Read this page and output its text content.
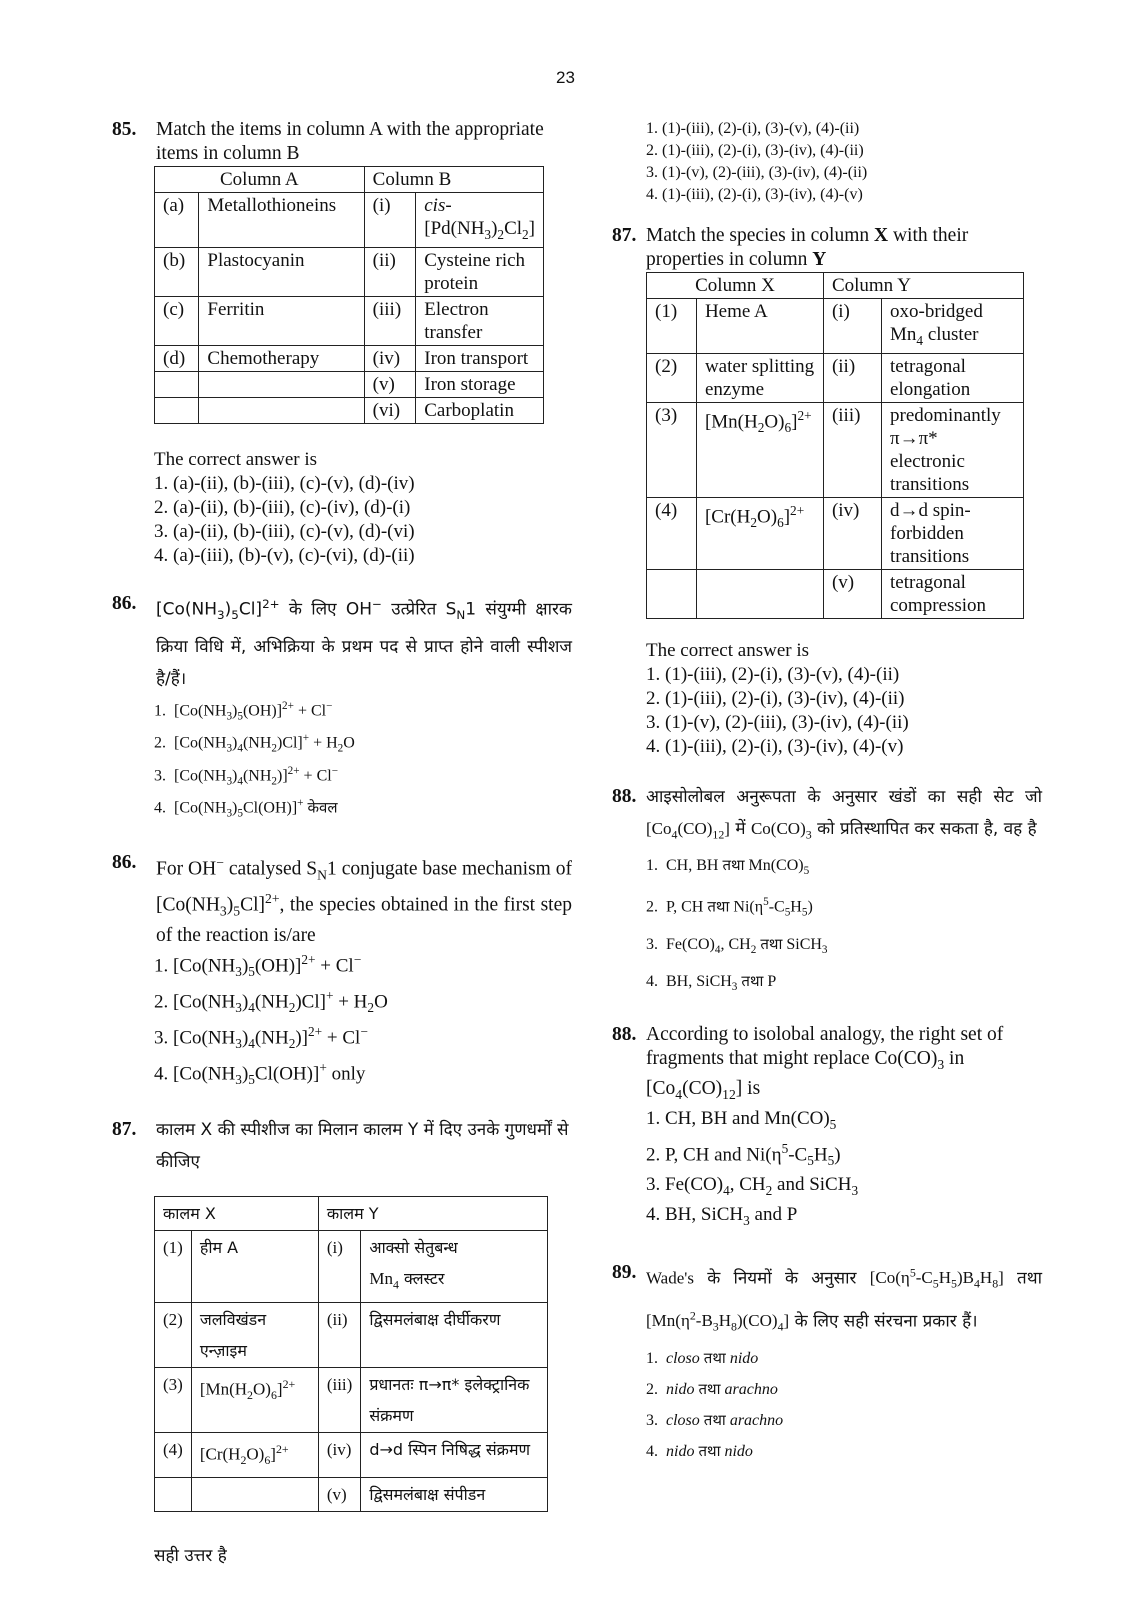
23
85.	Match the items in column A with the appropriate items in column B
Column A		Column B	
(a)	Metallothioneins	(i)	cis-
$[Pd(NH_3)_2Cl_2]$
(b)	Plastocyanin	(ii)	Cysteine rich protein
(c)	Ferritin	(iii)	Electron transfer
(d)	Chemotherapy	(iv)	Iron transport
		(v)	Iron storage
		(vi)	Carboplatin
The correct answer is
1. (a)-(ii), (b)-(iii), (c)-(v), (d)-(iv)
2. (a)-(ii), (b)-(iii), (c)-(iv), (d)-(i)
3. (a)-(ii), (b)-(iii), (c)-(v), (d)-(vi)
4. (a)-(iii), (b)-(v), (c)-(vi), (d)-(ii)
86.	$[Co(NH_3)_5Cl]^{2+}$ के लिए OH− उत्प्रेरित $S_N1$ संयुग्मी क्षारक क्रिया विधि में, अभिक्रिया के प्रथम पद से प्राप्त होने वाली स्पीशज है/हैं।
1.  $[Co(NH_3)_5(OH)]^{2+} + Cl^-$
2.  $[Co(NH_3)_4(NH_2)Cl]^+ + H_2O$
3.  $[Co(NH_3)_4(NH_2)]^{2+} + Cl^-$
4.  $[Co(NH_3)_5Cl(OH)]^+$ केवल
86.	For OH− catalysed $S_N1$ conjugate base mechanism of $[Co(NH_3)_5Cl]^{2+}$, the species obtained in the first step of the reaction is/are
1. $[Co(NH_3)_5(OH)]^{2+} + Cl^-$
2. $[Co(NH_3)_4(NH_2)Cl]^+ + H_2O$
3. $[Co(NH_3)_4(NH_2)]^{2+} + Cl^-$
4. $[Co(NH_3)_5Cl(OH)]^+$ only
87.	कालम X की स्पीशीज का मिलान कालम Y में दिए उनके गुणधर्मों से कीजिए
कालम X		कालम Y	
(1)	हीम A	(i)	आक्सो सेतुबन्ध
$Mn_4$ क्लस्टर
(2)	जलविखंडन एन्ज़ाइम	(ii)	द्विसमलंबाक्ष दीर्घीकरण
(3)	$[Mn(H_2O)_6]^{2+}$	(iii)	प्रधानतः π→π* इलेक्ट्रानिक संक्रमण
(4)	$[Cr(H_2O)_6]^{2+}$	(iv)	d→d स्पिन निषिद्ध संक्रमण
		(v)	द्विसमलंबाक्ष संपीडन
सही उत्तर है
1. (1)-(iii), (2)-(i), (3)-(v), (4)-(ii)
2. (1)-(iii), (2)-(i), (3)-(iv), (4)-(ii)
3. (1)-(v), (2)-(iii), (3)-(iv), (4)-(ii)
4. (1)-(iii), (2)-(i), (3)-(iv), (4)-(v)
87. Match the species in column X with their properties in column Y
Column X		Column Y	
(1)	Heme A	(i)	oxo-bridged
$Mn_4$ cluster
(2)	water splitting enzyme	(ii)	tetragonal elongation
(3)	$[Mn(H_2O)_6]^{2+}$	(iii)	predominantly π→π* electronic transitions
(4)	$[Cr(H_2O)_6]^{2+}$	(iv)	d→d spin-forbidden transitions
		(v)	tetragonal compression
The correct answer is
1. (1)-(iii), (2)-(i), (3)-(v), (4)-(ii)
2. (1)-(iii), (2)-(i), (3)-(iv), (4)-(ii)
3. (1)-(v), (2)-(iii), (3)-(iv), (4)-(ii)
4. (1)-(iii), (2)-(i), (3)-(iv), (4)-(v)
88. आइसोलोबल अनुरूपता के अनुसार खंडों का सही सेट जो $[Co_4(CO)_{12}]$ में $Co(CO)_3$ को प्रतिस्थापित कर सकता है, वह है
1.  CH, BH तथा $Mn(CO)_5$
2.  P, CH तथा $Ni(\eta^5-C_5H_5)$
3.  $Fe(CO)_4$, $CH_2$ तथा SiCH$_3$
4.  BH, SiCH$_3$ तथा P
88. According to isolobal analogy, the right set of fragments that might replace $Co(CO)_3$ in $[Co_4(CO)_{12}]$ is
1. CH, BH and $Mn(CO)_5$
2. P, CH and $Ni(\eta^5-C_5H_5)$
3. $Fe(CO)_4$, $CH_2$ and SiCH$_3$
4. BH, SiCH$_3$ and P
89. Wade's के नियमों के अनुसार $[Co(\eta^5-C_5H_5)B_4H_8]$ तथा $[Mn(\eta^2-B_3H_8)(CO)_4]$ के लिए सही संरचना प्रकार हैं।
1.  closo तथा nido
2.  nido तथा arachno
3.  closo तथा arachno
4.  nido तथा nido
